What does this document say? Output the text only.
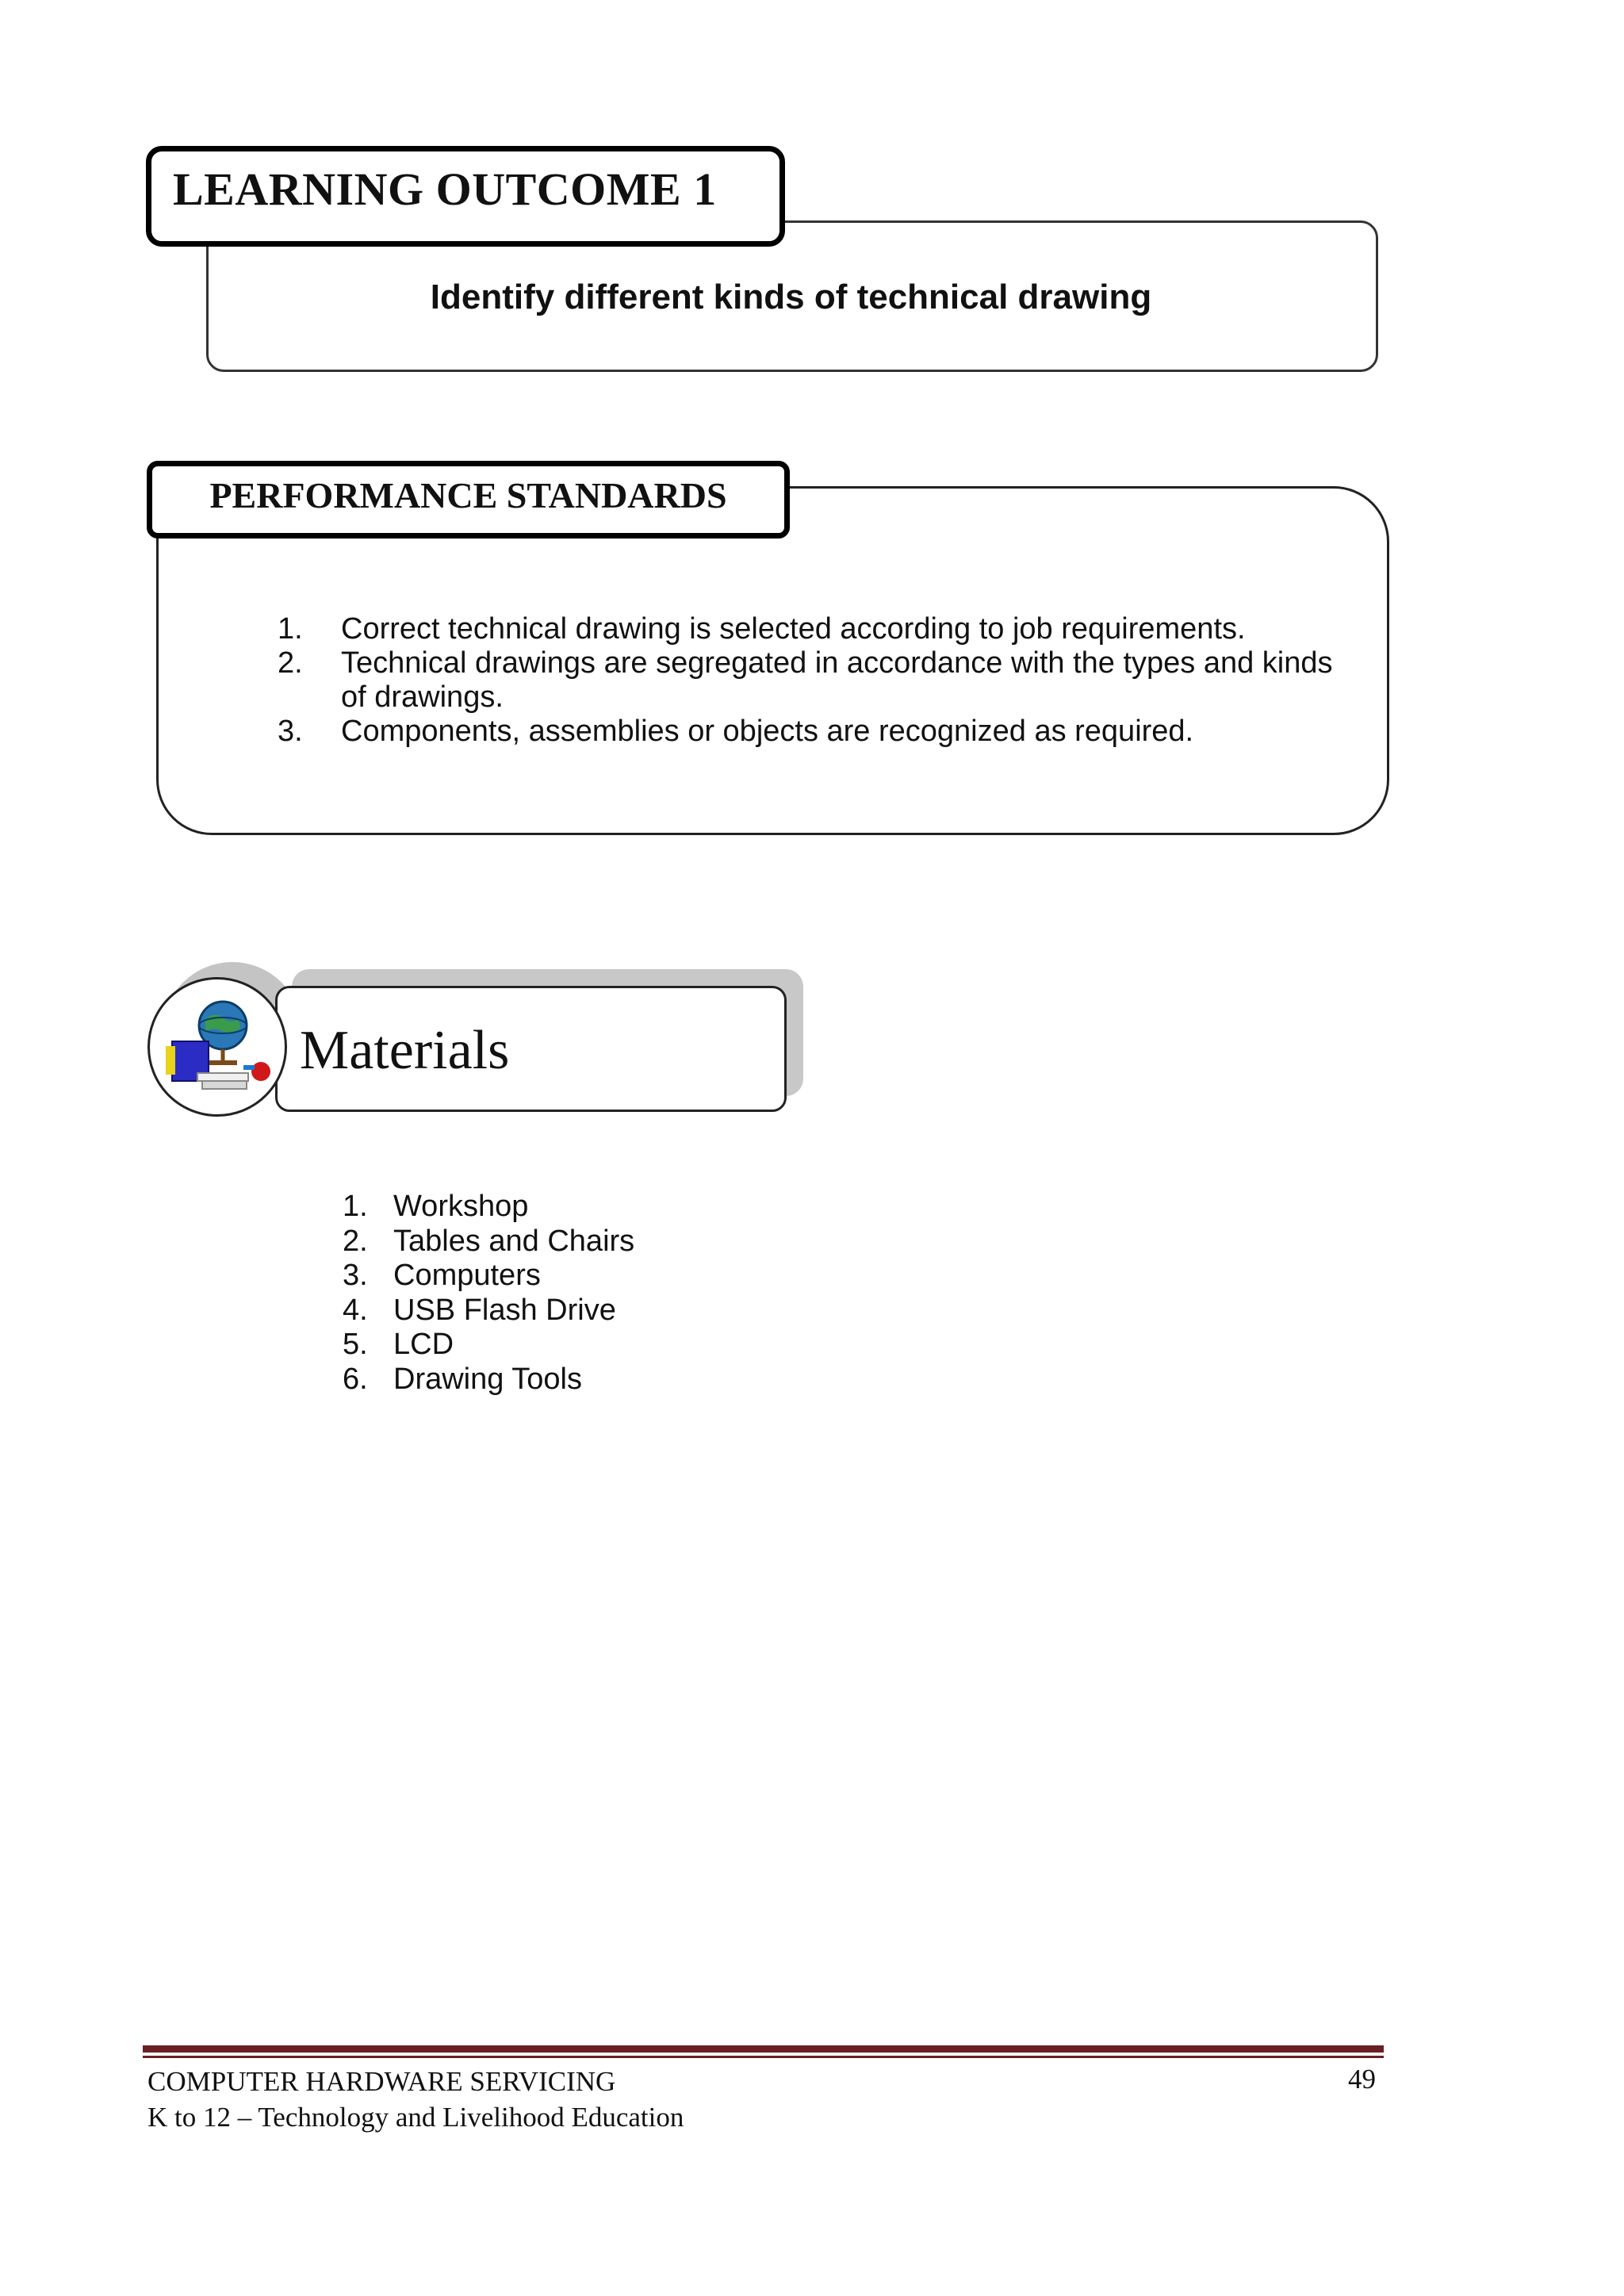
Identify different kinds of technical drawing
LEARNING OUTCOME 1
PERFORMANCE STANDARDS
1.	Correct technical drawing is selected according to job requirements.
2.	Technical drawings are segregated in accordance with the types and kinds of drawings.
3.	Components, assemblies or objects are recognized as required.
Materials
1. Workshop
2. Tables and Chairs
3. Computers
4. USB Flash Drive
5. LCD
6. Drawing Tools
COMPUTER HARDWARE SERVICING
K to 12 – Technology and Livelihood Education
49
